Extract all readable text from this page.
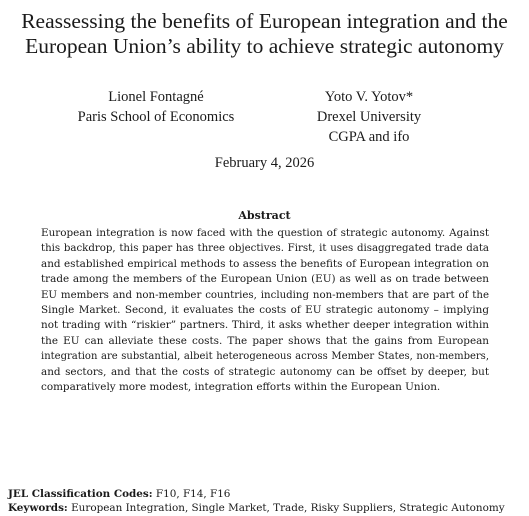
Reassessing the benefits of European integration and the
European Union’s ability to achieve strategic autonomy
Lionel Fontagné
Paris School of Economics
Yoto V. Yotov*
Drexel University
CGPA and ifo
February 4, 2026
Abstract
European integration is now faced with the question of strategic autonomy. Against
this backdrop, this paper has three objectives. First, it uses disaggregated trade data
and established empirical methods to assess the benefits of European integration on
trade among the members of the European Union (EU) as well as on trade between
EU members and non-member countries, including non-members that are part of the
Single Market. Second, it evaluates the costs of EU strategic autonomy – implying
not trading with “riskier” partners. Third, it asks whether deeper integration within
the EU can alleviate these costs. The paper shows that the gains from European
integration are substantial, albeit heterogeneous across Member States, non-members,
and sectors, and that the costs of strategic autonomy can be offset by deeper, but
comparatively more modest, integration efforts within the European Union.
JEL Classification Codes: F10, F14, F16
Keywords: European Integration, Single Market, Trade, Risky Suppliers, Strategic Autonomy
